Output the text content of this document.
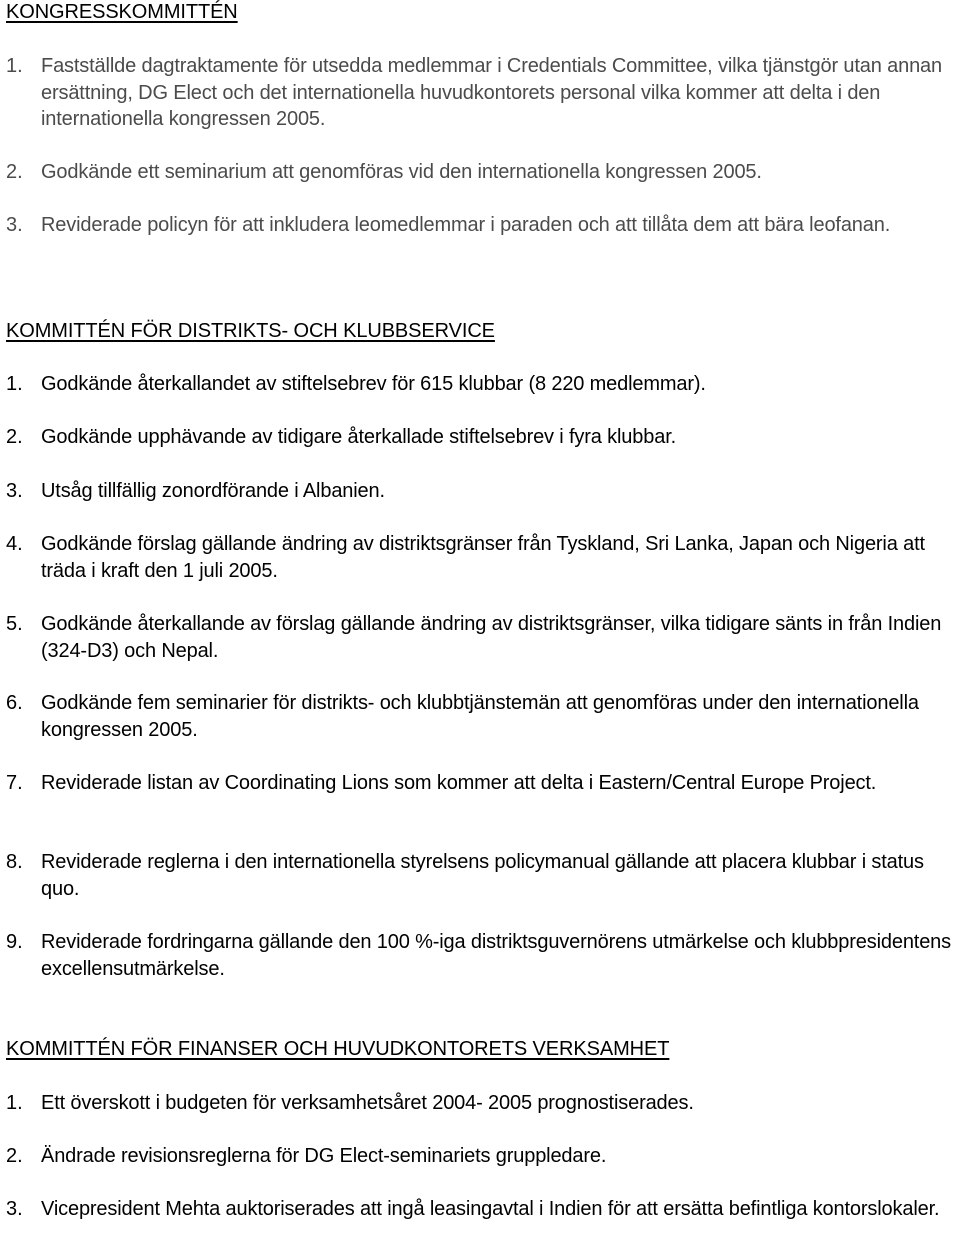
KONGRESSKOMMITTÉN
1. Fastställde dagtraktamente för utsedda medlemmar i Credentials Committee, vilka tjänstgör utan annan ersättning, DG Elect och det internationella huvudkontorets personal vilka kommer att delta i den internationella kongressen 2005.
2. Godkände ett seminarium att genomföras vid den internationella kongressen 2005.
3. Reviderade policyn för att inkludera leomedlemmar i paraden och att tillåta dem att bära leofanan.
KOMMITTÉN FÖR DISTRIKTS- OCH KLUBBSERVICE
1. Godkände återkallandet av stiftelsebrev för 615 klubbar (8 220 medlemmar).
2. Godkände upphävande av tidigare återkallade stiftelsebrev i fyra klubbar.
3. Utsåg tillfällig zonordförande i Albanien.
4. Godkände förslag gällande ändring av distriktsgränser från Tyskland, Sri Lanka, Japan och Nigeria att träda i kraft den 1 juli 2005.
5. Godkände återkallande av förslag gällande ändring av distriktsgränser, vilka tidigare sänts in från Indien (324-D3) och Nepal.
6. Godkände fem seminarier för distrikts- och klubbtjänstemän att genomföras under den internationella kongressen 2005.
7. Reviderade listan av Coordinating Lions som kommer att delta i Eastern/Central Europe Project.
8. Reviderade reglerna i den internationella styrelsens policymanual gällande att placera klubbar i status quo.
9. Reviderade fordringarna gällande den 100 %-iga distriktsguvernörens utmärkelse och klubbpresidentens excellensutmärkelse.
KOMMITTÉN FÖR FINANSER OCH HUVUDKONTORETS VERKSAMHET
1. Ett överskott i budgeten för verksamhetsåret 2004- 2005 prognostiserades.
2. Ändrade revisionsreglerna för DG Elect-seminariets gruppledare.
3. Vicepresident Mehta auktoriserades att ingå leasingavtal i Indien för att ersätta befintliga kontorslokaler.
